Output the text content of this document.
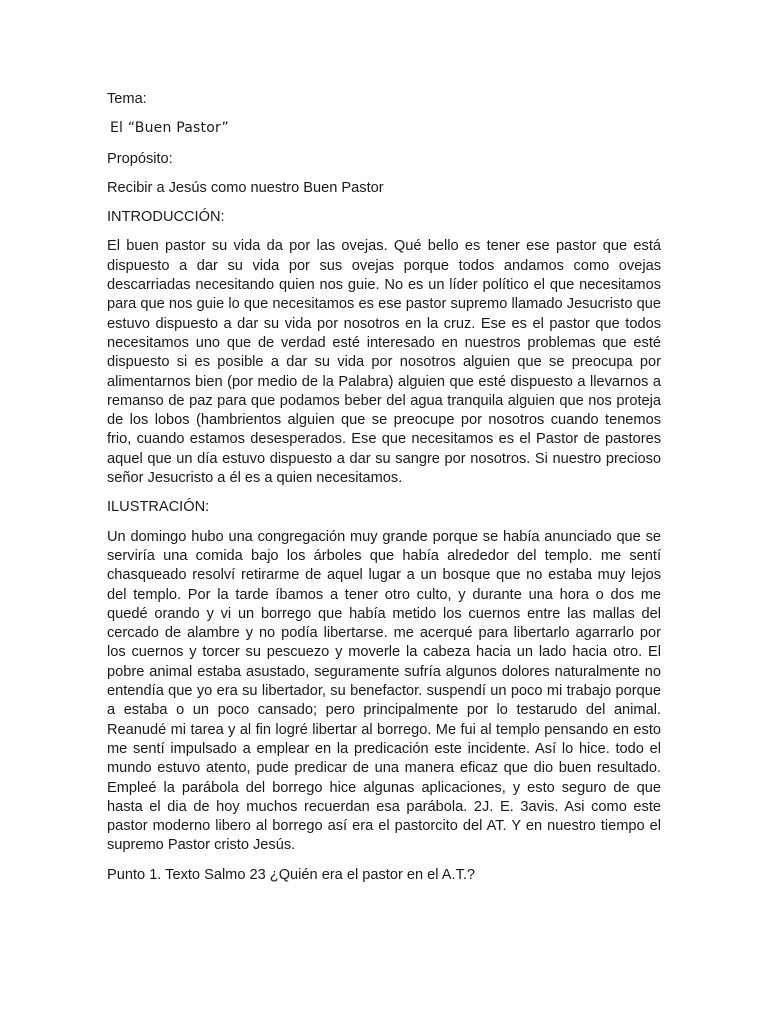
Tema:
El “Buen Pastor”
Propósito:
Recibir a Jesús como nuestro Buen Pastor
INTRODUCCIÓN:

El buen pastor su vida da por las ovejas. Qué bello es tener ese pastor que está dispuesto a dar su vida por sus ovejas porque todos andamos como ovejas descarriadas necesitando quien nos guie. No es un líder político el que necesitamos para que nos guie lo que necesitamos es ese pastor supremo llamado Jesucristo que estuvo dispuesto a dar su vida por nosotros en la cruz. Ese es el pastor que todos necesitamos uno que de verdad esté interesado en nuestros problemas que esté dispuesto si es posible a dar su vida por nosotros alguien que se preocupa por alimentarnos bien (por medio de la Palabra) alguien que esté dispuesto a llevarnos a remanso de paz para que podamos beber del agua tranquila alguien que nos proteja de los lobos (hambrientos alguien que se preocupe por nosotros cuando tenemos frio, cuando estamos desesperados. Ese que necesitamos es el Pastor de pastores aquel que un día estuvo dispuesto a dar su sangre por nosotros. Si nuestro precioso señor Jesucristo a él es a quien necesitamos.

ILUSTRACIÓN:

Un domingo hubo una congregación muy grande porque se había anunciado que se serviría una comida bajo los árboles que había alrededor del templo. me sentí chasqueado resolví retirarme de aquel lugar a un bosque que no estaba muy lejos del templo. Por la tarde íbamos a tener otro culto, y durante una hora o dos me quedé orando y vi un borrego que había metido los cuernos entre las mallas del cercado de alambre y no podía libertarse. me acerqué para libertarlo agarrarlo por los cuernos y torcer su pescuezo y moverle la cabeza hacia un lado hacia otro. El pobre animal estaba asustado, seguramente sufría algunos dolores naturalmente no entendía que yo era su libertador, su benefactor. suspendí un poco mi trabajo porque a estaba o un poco cansado; pero principalmente por lo testarudo del animal. Reanudé mi tarea y al fin logré libertar al borrego. Me fui al templo pensando en esto me sentí impulsado a emplear en la predicación este incidente. Así lo hice. todo el mundo estuvo atento, pude predicar de una manera eficaz que dio buen resultado. Empleé la parábola del borrego hice algunas aplicaciones, y esto seguro de que hasta el dia de hoy muchos recuerdan esa parábola. 2J. E. 3avis. Asi como este pastor moderno libero al borrego así era el pastorcito del AT. Y en nuestro tiempo el supremo Pastor cristo Jesús.

Punto 1. Texto Salmo 23 ¿Quién era el pastor en el A.T.?
